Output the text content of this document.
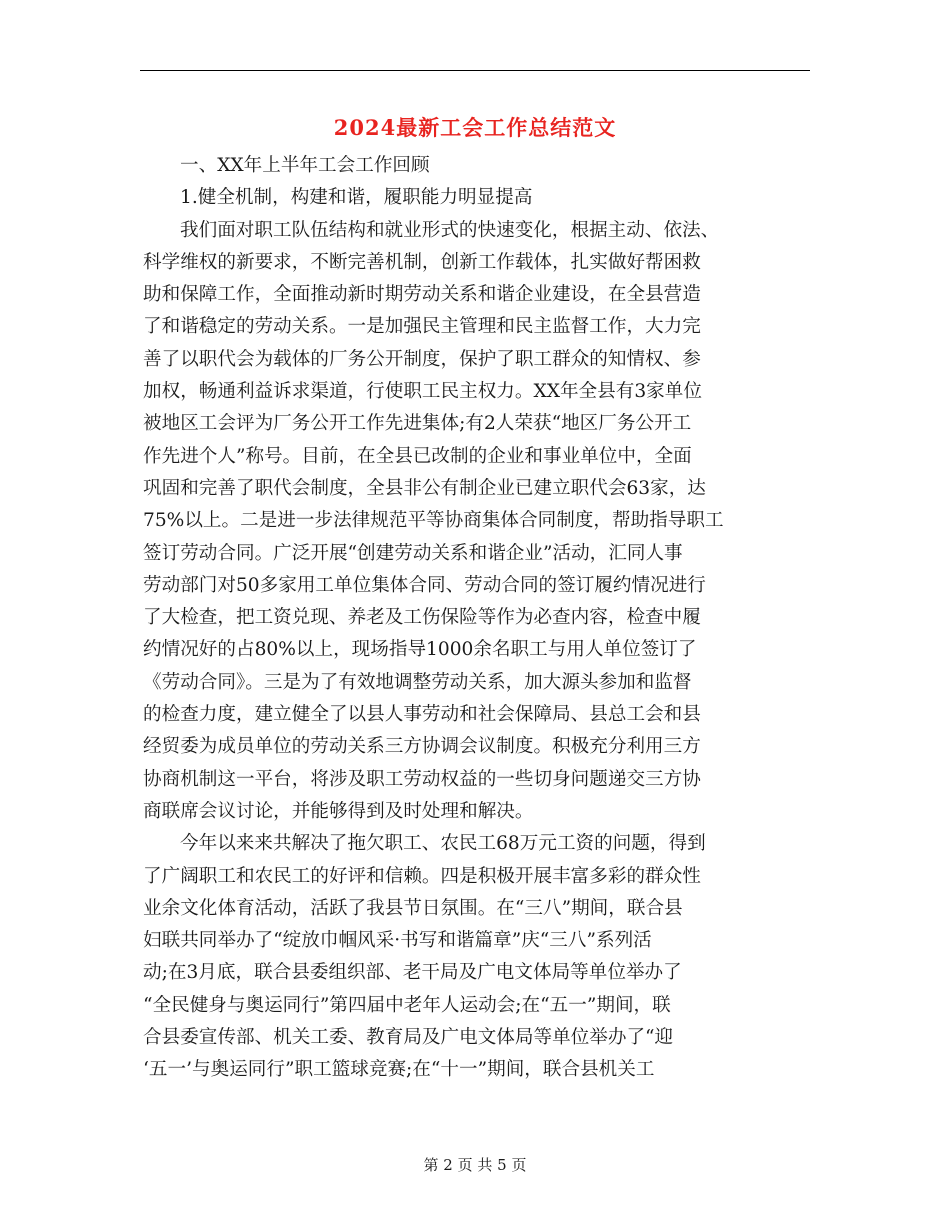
2024最新工会工作总结范文
一、XX年上半年工会工作回顾
1.健全机制，构建和谐，履职能力明显提高
我们面对职工队伍结构和就业形式的快速变化，根据主动、依法、
科学维权的新要求，不断完善机制，创新工作载体，扎实做好帮困救
助和保障工作，全面推动新时期劳动关系和谐企业建设，在全县营造
了和谐稳定的劳动关系。一是加强民主管理和民主监督工作，大力完
善了以职代会为载体的厂务公开制度，保护了职工群众的知情权、参
加权，畅通利益诉求渠道，行使职工民主权力。XX年全县有3家单位
被地区工会评为厂务公开工作先进集体;有2人荣获“地区厂务公开工
作先进个人”称号。目前，在全县已改制的企业和事业单位中，全面
巩固和完善了职代会制度，全县非公有制企业已建立职代会63家，达
75%以上。二是进一步法律规范平等协商集体合同制度，帮助指导职工
签订劳动合同。广泛开展“创建劳动关系和谐企业”活动，汇同人事
劳动部门对50多家用工单位集体合同、劳动合同的签订履约情况进行
了大检查，把工资兑现、养老及工伤保险等作为必查内容，检查中履
约情况好的占80%以上，现场指导1000余名职工与用人单位签订了
《劳动合同》。三是为了有效地调整劳动关系，加大源头参加和监督
的检查力度，建立健全了以县人事劳动和社会保障局、县总工会和县
经贸委为成员单位的劳动关系三方协调会议制度。积极充分利用三方
协商机制这一平台，将涉及职工劳动权益的一些切身问题递交三方协
商联席会议讨论，并能够得到及时处理和解决。
今年以来来共解决了拖欠职工、农民工68万元工资的问题，得到
了广阔职工和农民工的好评和信赖。四是积极开展丰富多彩的群众性
业余文化体育活动，活跃了我县节日氛围。在“三八”期间，联合县
妇联共同举办了“绽放巾帼风采·书写和谐篇章”庆“三八”系列活
动;在3月底，联合县委组织部、老干局及广电文体局等单位举办了
“全民健身与奥运同行”第四届中老年人运动会;在“五一”期间，联
合县委宣传部、机关工委、教育局及广电文体局等单位举办了“迎
‘五一’与奥运同行”职工篮球竞赛;在“十一”期间，联合县机关工
第 2 页 共 5 页
